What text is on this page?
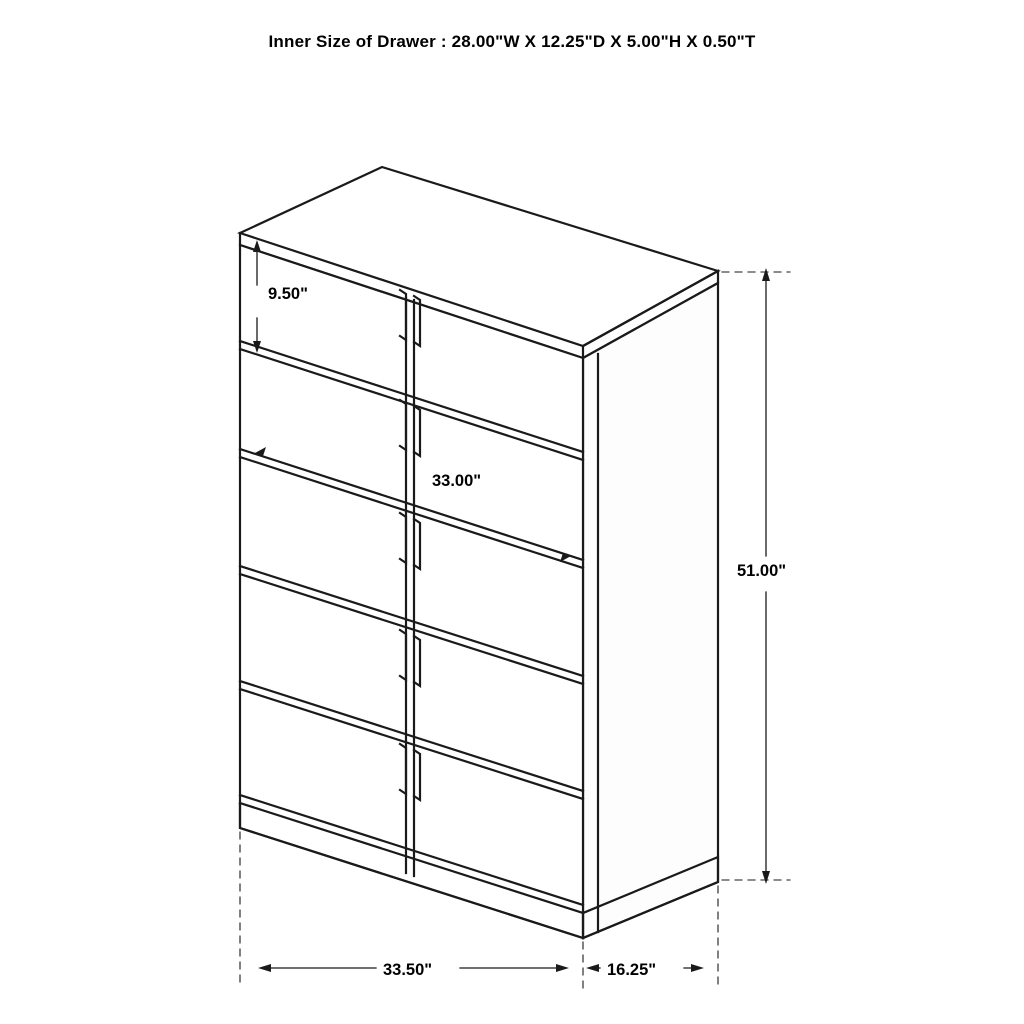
Inner Size of Drawer : 28.00"W X 12.25"D X 5.00"H X 0.50"T
9.50"
33.00"
51.00"
33.50"	16.25"
